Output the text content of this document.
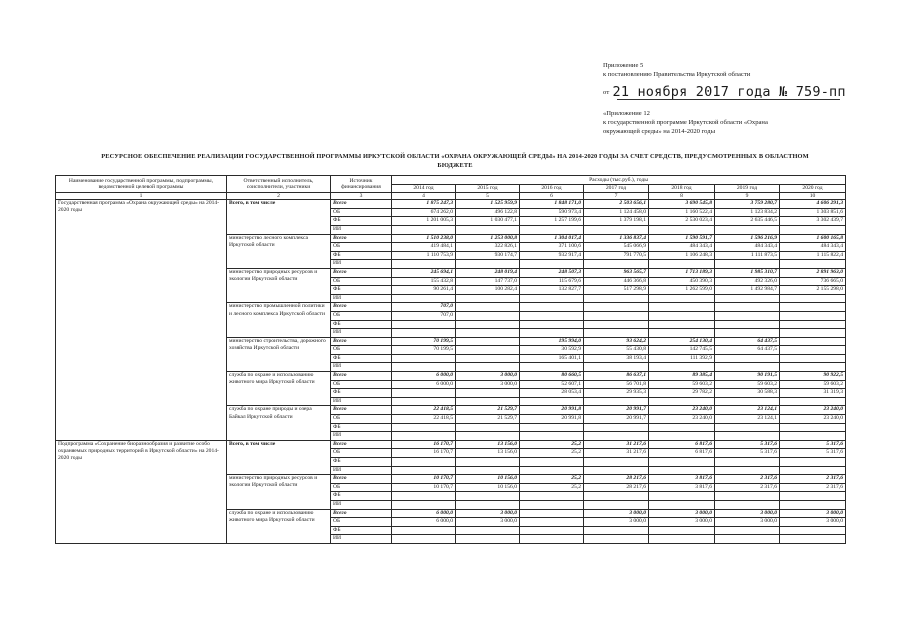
Приложение 5
к постановлению Правительства Иркутской области
от 21 ноября 2017 года № 759-пп
«Приложение 12
к государственной программе Иркутской области «Охрана
окружающей среды» на 2014-2020 годы
РЕСУРСНОЕ ОБЕСПЕЧЕНИЕ РЕАЛИЗАЦИИ ГОСУДАРСТВЕННОЙ ПРОГРАММЫ ИРКУТСКОЙ ОБЛАСТИ «ОХРАНА ОКРУЖАЮЩЕЙ СРЕДЫ» НА 2014-2020 ГОДЫ ЗА СЧЕТ СРЕДСТВ, ПРЕДУСМОТРЕННЫХ В ОБЛАСТНОМ
БЮДЖЕТЕ
Наименование государственной программы, подпрограммы, ведомственной целевой программы	Ответственный исполнитель, соисполнители, участники	Источник финансирования	Расходы (тыс.руб.), годы						
			2014 год	2015 год	2016 год	2017 год	2018 год	2019 год	2020 год
1	2	3	4	5	6	7	8	9	10
Государственная программа «Охрана окружающей среды» на 2014-2020 годы	Всего, в том числе	Всего	1 875 247,3	1 525 959,9	1 848 171,0	2 503 656,1	3 690 545,8	3 759 280,7	4 606 291,3
		ОБ	674 262,0	496 122,8	590 973,4	1 124 458,0	1 160 522,4	1 123 834,2	1 303 851,6
		ФБ	1 201 005,3	1 030 477,1	1 257 199,6	1 379 198,1	2 530 023,4	2 635 446,5	3 302 439,7
		ИИ							
	министерство лесного комплекса Иркутской области	Всего	1 510 238,0	1 253 000,8	1 304 017,4	1 336 837,4	1 590 591,7	1 596 216,9	1 600 165,8
		ОБ	419 484,1	322 826,1	371 100,6	545 066,9	484 343,4	484 343,4	484 343,4
		ФБ	1 110 753,9	930 174,7	932 917,4	791 770,5	1 106 248,3	1 111 873,5	1 115 822,4
		ИИ							
	министерство природных ресурсов и экологии Иркутской области	Всего	245 694,1	248 019,4	248 507,3	963 565,7	1 713 189,3	1 985 310,7	2 891 963,0
		ОБ	155 432,8	147 737,0	115 679,6	446 366,8	450 390,3	492 326,0	736 665,0
		ФБ	90 261,4	100 282,4	132 827,7	517 298,9	1 262 599,0	1 492 984,7	2 155 298,0
		ИИ							
	министерство промышленной политики и лесного комплекса Иркутской области	Всего	707,0						
		ОБ	707,0						
		ФБ							
		ИИ							
	министерство строительства, дорожного хозяйства Иркутской области	Всего	70 199,5		195 994,0	93 624,2	254 130,4	64 437,5	
		ОБ	70 199,5		30 592,9	55 430,8	142 745,5	64 437,5	
		ФБ			165 401,1	38 193,4	111 392,9		
		ИИ							
	служба по охране и использованию животного мира Иркутской области	Всего	6 000,0	3 000,0	80 660,5	86 637,1	89 385,4	90 191,5	90 922,5
		ОБ	6 000,0	3 000,0	52 607,1	56 701,8	59 603,2	59 603,2	59 603,2
		ФБ			28 053,4	29 935,3	29 782,2	30 588,3	31 319,3
		ИИ							
	служба по охране природы и озера Байкал Иркутской области	Всего	22 418,5	21 529,7	20 991,8	20 991,7	23 240,0	23 124,1	23 240,0
		ОБ	22 418,5	21 529,7	20 991,8	20 991,7	23 240,0	23 124,1	23 240,0
		ФБ							
		ИИ							
Подпрограмма «Сохранение биоразнообразия и развитие особо охраняемых природных территорий в Иркутской области» на 2014-2020 годы	Всего, в том числе	Всего	16 170,7	13 156,0	25,2	31 217,6	6 817,6	5 317,6	5 317,6
		ОБ	16 170,7	13 156,0	25,2	31 217,6	6 817,6	5 317,6	5 317,6
		ФБ							
		ИИ							
	министерство природных ресурсов и экологии Иркутской области	Всего	10 170,7	10 156,0	25,2	28 217,6	3 817,6	2 317,6	2 317,6
		ОБ	10 170,7	10 156,0	25,2	28 217,6	3 817,6	2 317,6	2 317,6
		ФБ							
		ИИ							
	служба по охране и использованию животного мира Иркутской области	Всего	6 000,0	3 000,0		3 000,0	3 000,0	3 000,0	3 000,0
		ОБ	6 000,0	3 000,0		3 000,0	3 000,0	3 000,0	3 000,0
		ФБ							
		ИИ							
